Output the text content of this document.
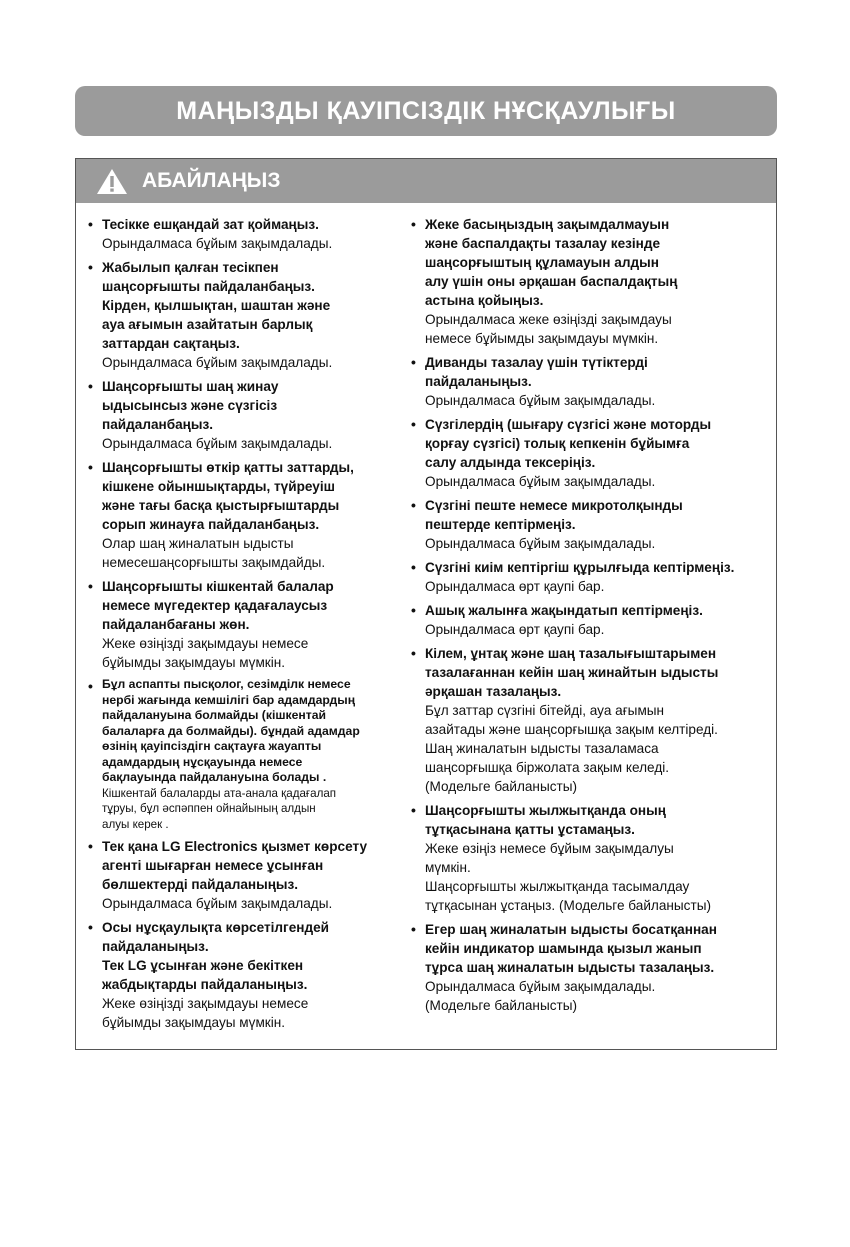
МАҢЫЗДЫ ҚАУІПСІЗДІК НҰСҚАУЛЫҒЫ
АБАЙЛАҢЫЗ
• Тесікке ешқандай зат қоймаңыз.
Орындалмаса бұйым зақымдалады.
• Жабылып қалған тесікпен
шаңсорғышты пайдаланбаңыз.
Кірден, қылшықтан, шаштан және
ауа ағымын азайтатын барлық
заттардан сақтаңыз.
Орындалмаса бұйым зақымдалады.
• Шаңсорғышты шаң жинау
ыдысынсыз және сүзгісіз
пайдаланбаңыз.
Орындалмаса бұйым зақымдалады.
• Шаңсорғышты өткір қатты заттарды,
кішкене ойыншықтарды, түйреуіш
және тағы басқа қыстырғыштарды
сорып жинауға пайдаланбаңыз.
Олар шаң жиналатын ыдысты
немесешаңсорғышты зақымдайды.
• Шаңсорғышты кішкентай балалар
немесе мүгедектер қадағалаусыз
пайдаланбағаны жөн.
Жеке өзіңізді зақымдауы немесе
бұйымды зақымдауы мүмкін.
• Бұл аспапты пысқолог, сезімділк немесе
нербі жағында кемшілігі бар адамдардың
пайдалануына болмайды (кішкентай
балаларға да болмайды). бұндай адамдар
өзінің қауіпсіздігн сақтауға жауапты
адамдардың нұсқауында немесе
бақлауында пайдалануына болады .
Кішкентай балаларды ата-анала қадағалап
тұруы, бұл әспәппен ойнайының алдын
алуы керек .
• Тек қана LG Electronics қызмет көрсету
агенті шығарған немесе ұсынған
бөлшектерді пайдаланыңыз.
Орындалмаса бұйым зақымдалады.
• Осы нұсқаулықта көрсетілгендей
пайдаланыңыз.
Тек LG ұсынған және бекіткен
жабдықтарды пайдаланыңыз.
Жеке өзіңізді зақымдауы немесе
бұйымды зақымдауы мүмкін.
• Жеке басыңыздың зақымдалмауын
және баспалдақты тазалау кезінде
шаңсорғыштың құламауын алдын
алу үшін оны әрқашан баспалдақтың
астына қойыңыз.
Орындалмаса жеке өзіңізді зақымдауы
немесе бұйымды зақымдауы мүмкін.
• Диванды тазалау үшін түтіктерді
пайдаланыңыз.
Орындалмаса бұйым зақымдалады.
• Сүзгілердің (шығару сүзгісі және моторды
қорғау сүзгісі) толық кепкенін бұйымға
салу алдында тексеріңіз.
Орындалмаса бұйым зақымдалады.
• Сүзгіні пеште немесе микротолқынды
пештерде кептірмеңіз.
Орындалмаса бұйым зақымдалады.
• Сүзгіні киім кептіргіш құрылғыда кептірмеңіз.
Орындалмаса өрт қаупі бар.
• Ашық жалынға жақындатып кептірмеңіз.
Орындалмаса өрт қаупі бар.
• Кілем, ұнтақ және шаң тазалығыштарымен
тазалағаннан кейін шаң жинайтын ыдысты
әрқашан тазалаңыз.
Бұл заттар сүзгіні бітейді, ауа ағымын
азайтады және шаңсорғышқа зақым келтіреді.
Шаң жиналатын ыдысты тазаламаса
шаңсорғышқа біржолата зақым келеді.
(Модельге байланысты)
• Шаңсорғышты жылжытқанда оның
тұтқасынана қатты ұстамаңыз.
Жеке өзіңіз немесе бұйым зақымдалуы
мүмкін.
Шаңсорғышты жылжытқанда тасымалдау
тұтқасынан ұстаңыз. (Модельге байланысты)
• Егер шаң жиналатын ыдысты босатқаннан
кейін индикатор шамында қызыл жанып
тұрса шаң жиналатын ыдысты тазалаңыз.
Орындалмаса бұйым зақымдалады.
(Модельге байланысты)
